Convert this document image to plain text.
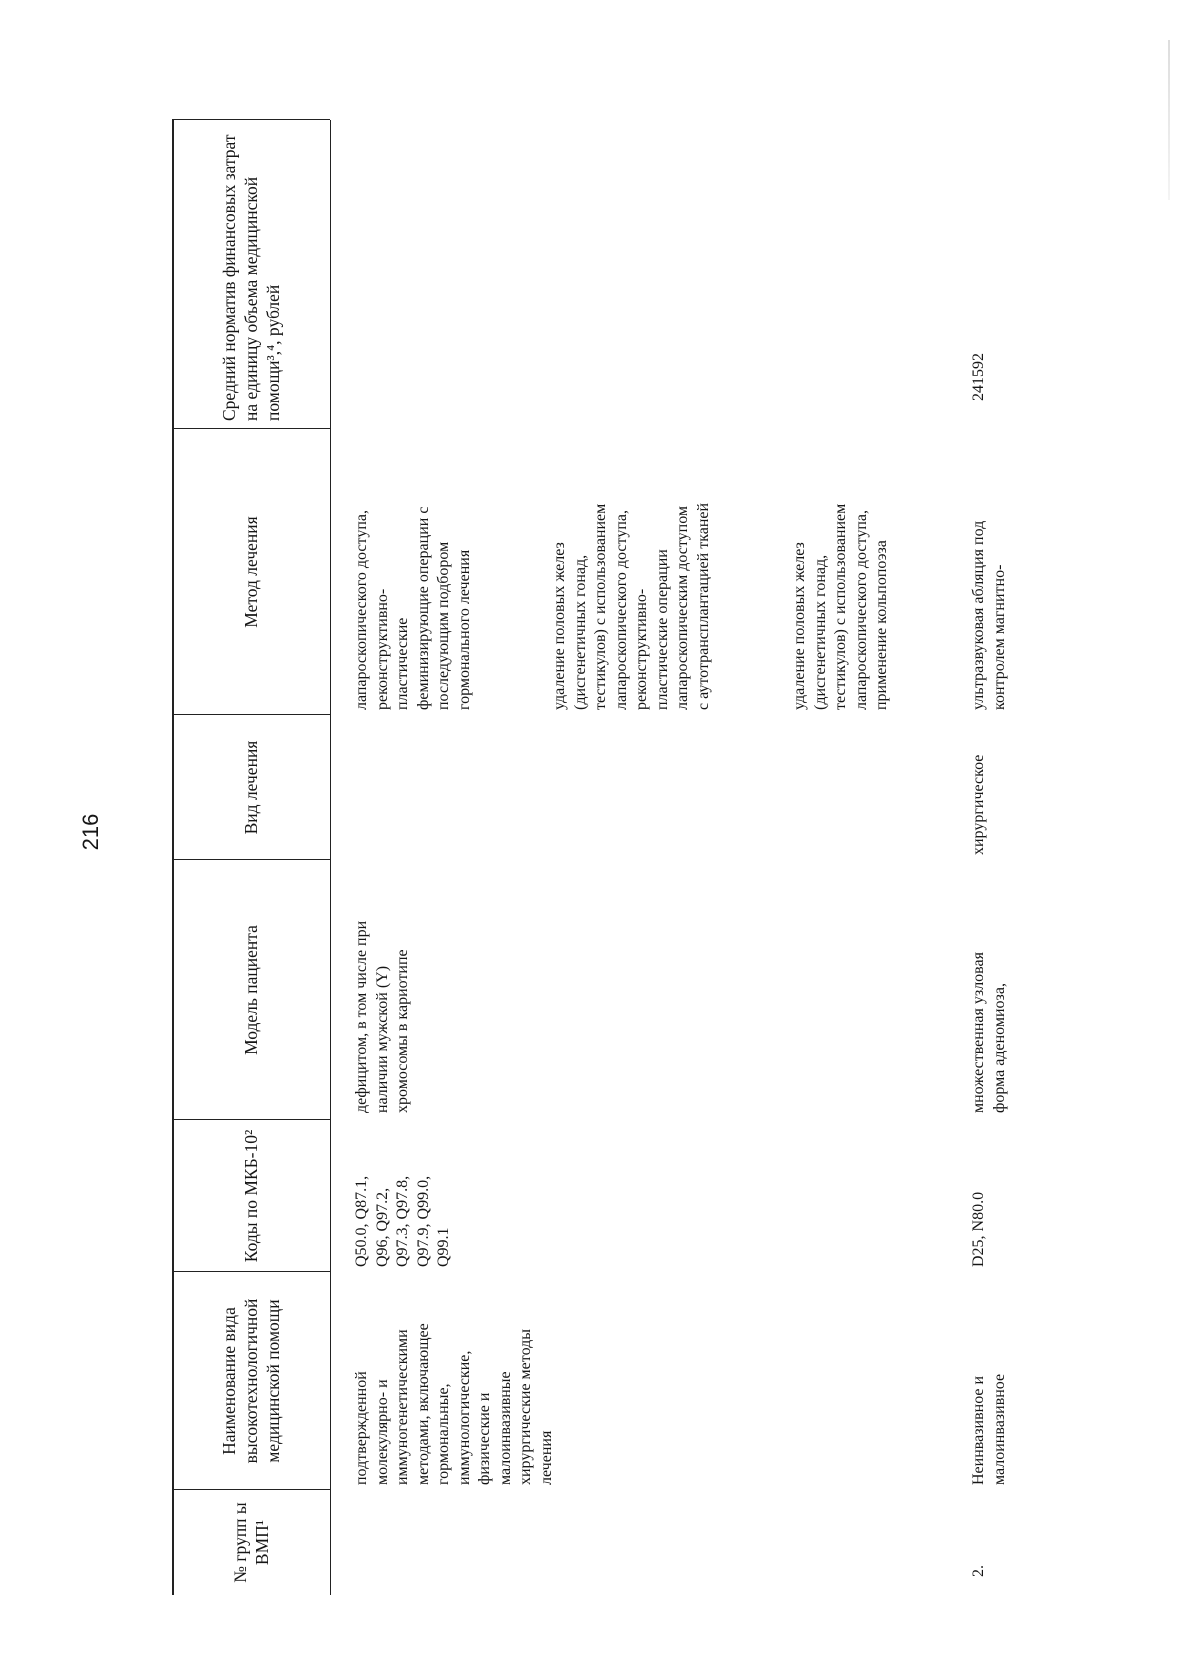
216
№ групп ы ВМП¹
Наименование вида высокотехнологичной медицинской помощи
Коды по МКБ-10²
Модель пациента
Вид лечения
Метод лечения
Средний норматив финансовых затрат на единицу объема медицинской помощи³,⁴, рублей
подтвержденной
молекулярно- и
иммуногенетическими
методами, включающее
гормональные,
иммунологические,
физические и
малоинвазивные
хирургические методы
лечения
Q50.0, Q87.1,
Q96, Q97.2,
Q97.3, Q97.8,
Q97.9, Q99.0,
Q99.1
дефицитом, в том числе при
наличии мужской (Y)
хромосомы в кариотипе
лапароскопического доступа,
реконструктивно-
пластические
феминизирующие операции с
последующим подбором
гормонального лечения
удаление половых желез
(дисгенетичных гонад,
тестикулов) с использованием
лапароскопического доступа,
реконструктивно-
пластические операции
лапароскопическим доступом
с аутотрансплантацией тканей
удаление половых желез
(дисгенетичных гонад,
тестикулов) с использованием
лапароскопического доступа,
применение кольпопоэза
2.
Неинвазивное и
малоинвазивное
D25, N80.0
множественная узловая
форма аденомиоза,
хирургическое
ультразвуковая абляция под
контролем магнитно-
241592
